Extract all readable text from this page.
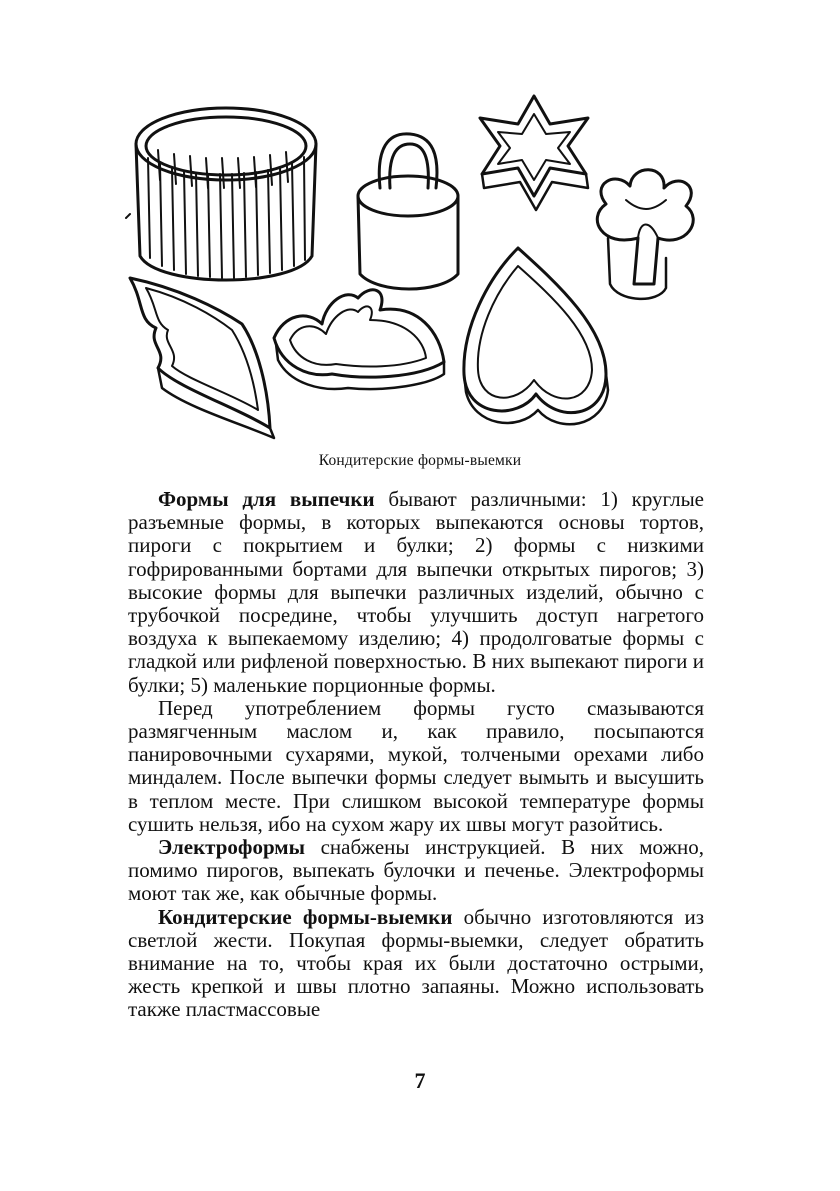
Кондитерские формы-выемки

Формы для выпечки бывают различными: 1) круглые разъемные формы, в которых выпекаются основы тортов, пироги с покрытием и булки; 2) формы с низкими гофрированными бортами для выпечки открытых пирогов; 3) высокие формы для выпечки различных изделий, обычно с трубочкой посредине, чтобы улучшить доступ нагретого воздуха к выпекаемому изделию; 4) продолговатые формы с гладкой или рифленой поверхностью. В них выпекают пироги и булки; 5) маленькие порционные формы.

Перед употреблением формы густо смазываются размягченным маслом и, как правило, посыпаются панировочными сухарями, мукой, толчеными орехами либо миндалем. После выпечки формы следует вымыть и высушить в теплом месте. При слишком высокой температуре формы сушить нельзя, ибо на сухом жару их швы могут разойтись.

Электроформы снабжены инструкцией. В них можно, помимо пирогов, выпекать булочки и печенье. Электроформы моют так же, как обычные формы.

Кондитерские формы-выемки обычно изготовляются из светлой жести. Покупая формы-выемки, следует обратить внимание на то, чтобы края их были достаточно острыми, жесть крепкой и швы плотно запаяны. Можно использовать также пластмассовые

7
